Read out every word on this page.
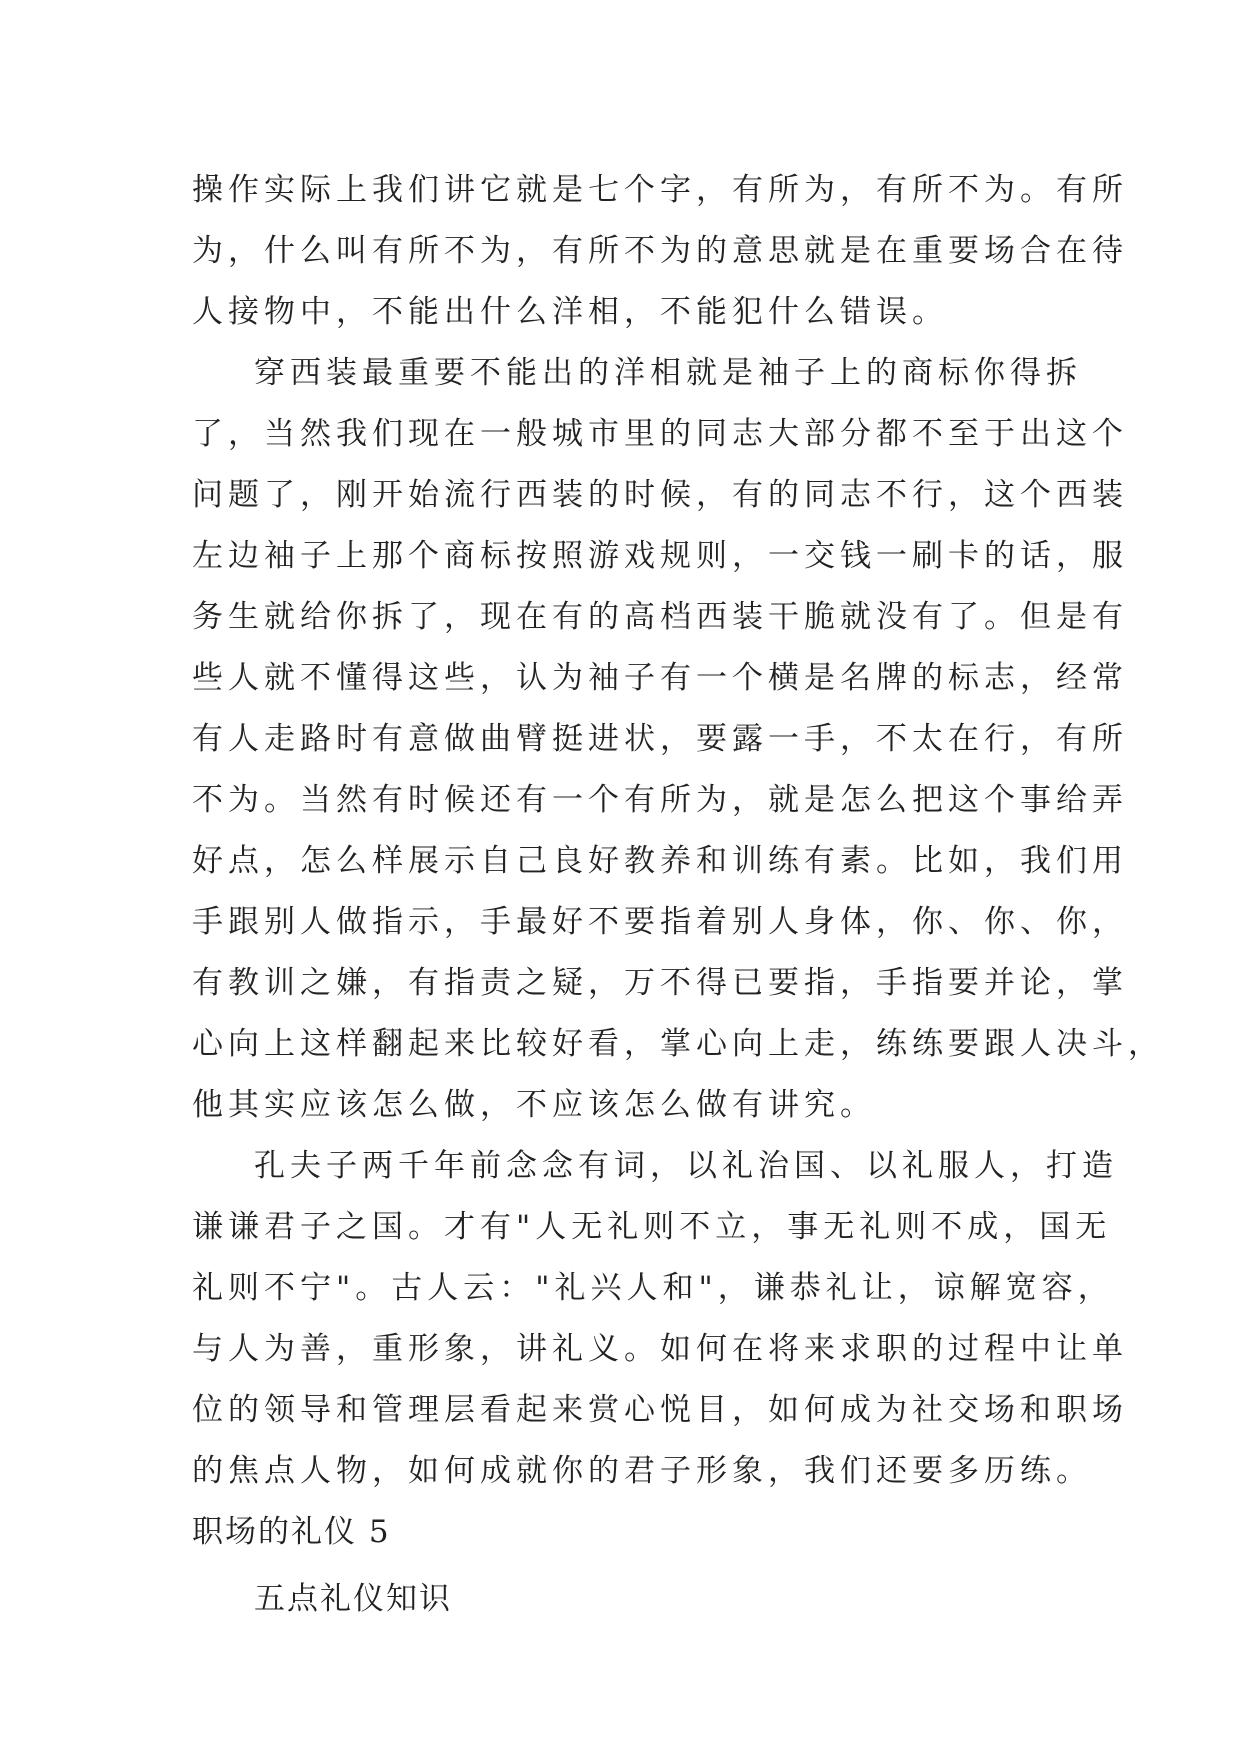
操作实际上我们讲它就是七个字，有所为，有所不为。有所
为，什么叫有所不为，有所不为的意思就是在重要场合在待
人接物中，不能出什么洋相，不能犯什么错误。
穿西装最重要不能出的洋相就是袖子上的商标你得拆
了，当然我们现在一般城市里的同志大部分都不至于出这个
问题了，刚开始流行西装的时候，有的同志不行，这个西装
左边袖子上那个商标按照游戏规则，一交钱一刷卡的话，服
务生就给你拆了，现在有的高档西装干脆就没有了。但是有
些人就不懂得这些，认为袖子有一个横是名牌的标志，经常
有人走路时有意做曲臂挺进状，要露一手，不太在行，有所
不为。当然有时候还有一个有所为，就是怎么把这个事给弄
好点，怎么样展示自己良好教养和训练有素。比如，我们用
手跟别人做指示，手最好不要指着别人身体，你、你、你，
有教训之嫌，有指责之疑，万不得已要指，手指要并论，掌
心向上这样翻起来比较好看，掌心向上走，练练要跟人决斗，
他其实应该怎么做，不应该怎么做有讲究。
孔夫子两千年前念念有词，以礼治国、以礼服人，打造
谦谦君子之国。才有"人无礼则不立，事无礼则不成，国无
礼则不宁"。古人云："礼兴人和"，谦恭礼让，谅解宽容，
与人为善，重形象，讲礼义。如何在将来求职的过程中让单
位的领导和管理层看起来赏心悦目，如何成为社交场和职场
的焦点人物，如何成就你的君子形象，我们还要多历练。
职场的礼仪 5
五点礼仪知识
